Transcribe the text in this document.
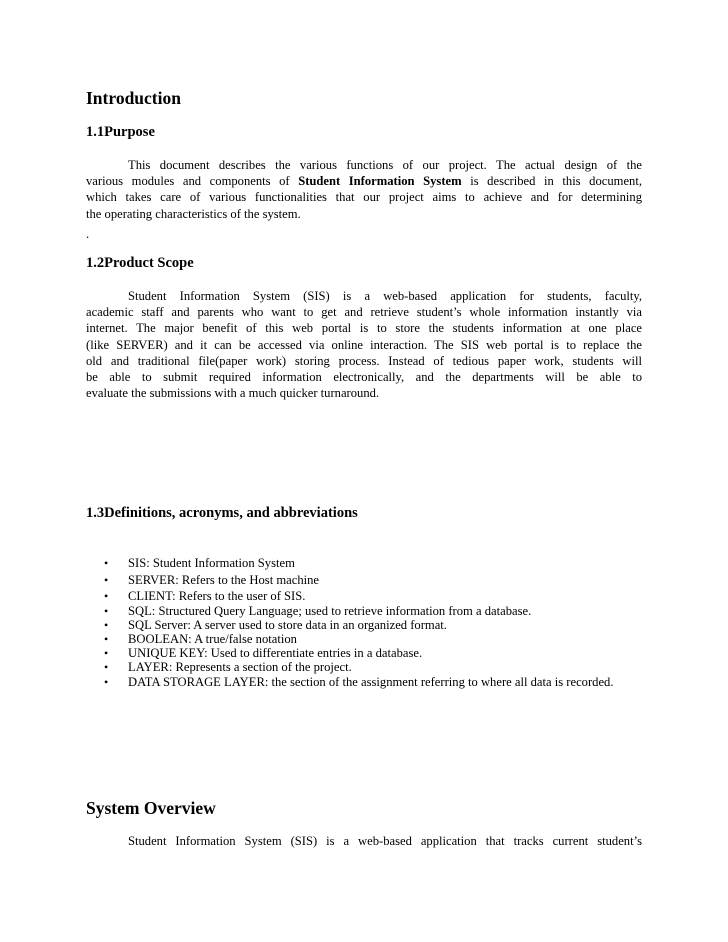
Introduction
1.1Purpose
This document describes the various functions of our project. The actual design of the
various modules and components of Student Information System is described in this document,
which takes care of various functionalities that our project aims to achieve and for determining
the operating characteristics of the system.
.
1.2Product Scope
Student Information System (SIS) is a web-based application for students, faculty,
academic staff and parents who want to get and retrieve student’s whole information instantly via
internet. The major benefit of this web portal is to store the students information at one place
(like SERVER) and it can be accessed via online interaction. The SIS web portal is to replace the
old and traditional file(paper work) storing process. Instead of tedious paper work, students will
be able to submit required information electronically, and the departments will be able to
evaluate the submissions with a much quicker turnaround.
1.3Definitions, acronyms, and abbreviations
• SIS: Student Information System
• SERVER: Refers to the Host machine
• CLIENT: Refers to the user of SIS.
• SQL: Structured Query Language; used to retrieve information from a database.
• SQL Server: A server used to store data in an organized format.
• BOOLEAN: A true/false notation
• UNIQUE KEY: Used to differentiate entries in a database.
• LAYER: Represents a section of the project.
• DATA STORAGE LAYER: the section of the assignment referring to where all data is recorded.
System Overview
Student Information System (SIS) is a web-based application that tracks current student’s
